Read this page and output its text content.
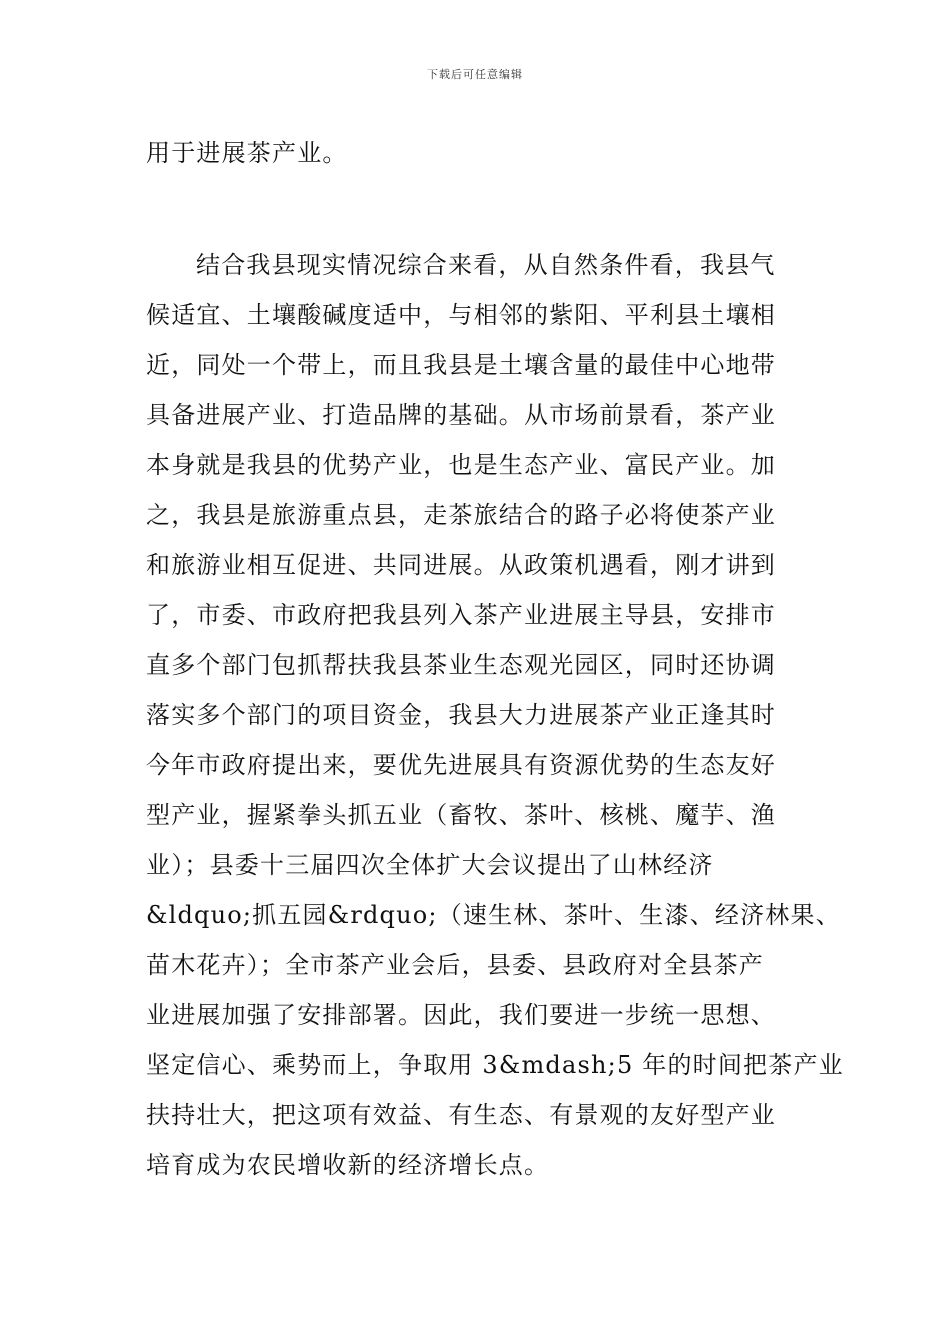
下载后可任意编辑
用于进展茶产业。
结合我县现实情况综合来看，从自然条件看，我县气
候适宜、土壤酸碱度适中，与相邻的紫阳、平利县土壤相
近，同处一个带上，而且我县是土壤含量的最佳中心地带
具备进展产业、打造品牌的基础。从市场前景看，茶产业
本身就是我县的优势产业，也是生态产业、富民产业。加
之，我县是旅游重点县，走茶旅结合的路子必将使茶产业
和旅游业相互促进、共同进展。从政策机遇看，刚才讲到
了，市委、市政府把我县列入茶产业进展主导县，安排市
直多个部门包抓帮扶我县茶业生态观光园区，同时还协调
落实多个部门的项目资金，我县大力进展茶产业正逢其时
今年市政府提出来，要优先进展具有资源优势的生态友好
型产业，握紧拳头抓五业（畜牧、茶叶、核桃、魔芋、渔
业）；县委十三届四次全体扩大会议提出了山林经济
&ldquo;抓五园&rdquo;（速生林、茶叶、生漆、经济林果、
苗木花卉）；全市茶产业会后，县委、县政府对全县茶产
业进展加强了安排部署。因此，我们要进一步统一思想、
坚定信心、乘势而上，争取用 3&mdash;5 年的时间把茶产业
扶持壮大，把这项有效益、有生态、有景观的友好型产业
培育成为农民增收新的经济增长点。
